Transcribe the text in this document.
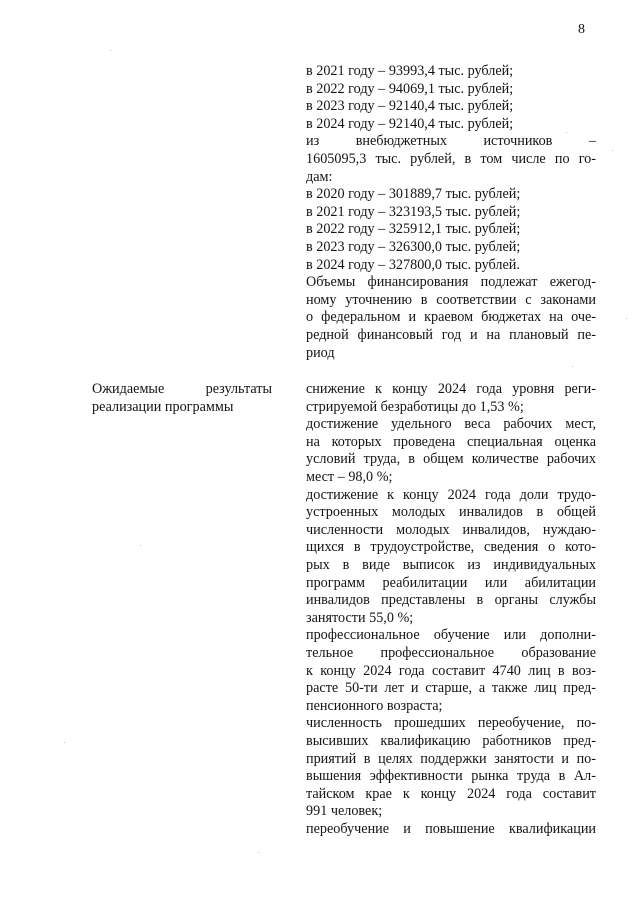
8
в 2021 году – 93993,4 тыс. рублей;
в 2022 году – 94069,1 тыс. рублей;
в 2023 году – 92140,4 тыс. рублей;
в 2024 году – 92140,4 тыс. рублей;
из внебюджетных источников –
1605095,3 тыс. рублей, в том числе по го-
дам:
в 2020 году – 301889,7 тыс. рублей;
в 2021 году – 323193,5 тыс. рублей;
в 2022 году – 325912,1 тыс. рублей;
в 2023 году – 326300,0 тыс. рублей;
в 2024 году – 327800,0 тыс. рублей.
Объемы финансирования подлежат ежегод-
ному уточнению в соответствии с законами
о федеральном и краевом бюджетах на оче-
редной финансовый год и на плановый пе-
риод
Ожидаемые результаты
реализации программы
снижение к концу 2024 года уровня реги-
стрируемой безработицы до 1,53 %;
достижение удельного веса рабочих мест,
на которых проведена специальная оценка
условий труда, в общем количестве рабочих
мест – 98,0 %;
достижение к концу 2024 года доли трудо-
устроенных молодых инвалидов в общей
численности молодых инвалидов, нуждаю-
щихся в трудоустройстве, сведения о кото-
рых в виде выписок из индивидуальных
программ реабилитации или абилитации
инвалидов представлены в органы службы
занятости 55,0 %;
профессиональное обучение или дополни-
тельное профессиональное образование
к концу 2024 года составит 4740 лиц в воз-
расте 50-ти лет и старше, а также лиц пред-
пенсионного возраста;
численность прошедших переобучение, по-
высивших квалификацию работников пред-
приятий в целях поддержки занятости и по-
вышения эффективности рынка труда в Ал-
тайском крае к концу 2024 года составит
991 человек;
переобучение и повышение квалификации
